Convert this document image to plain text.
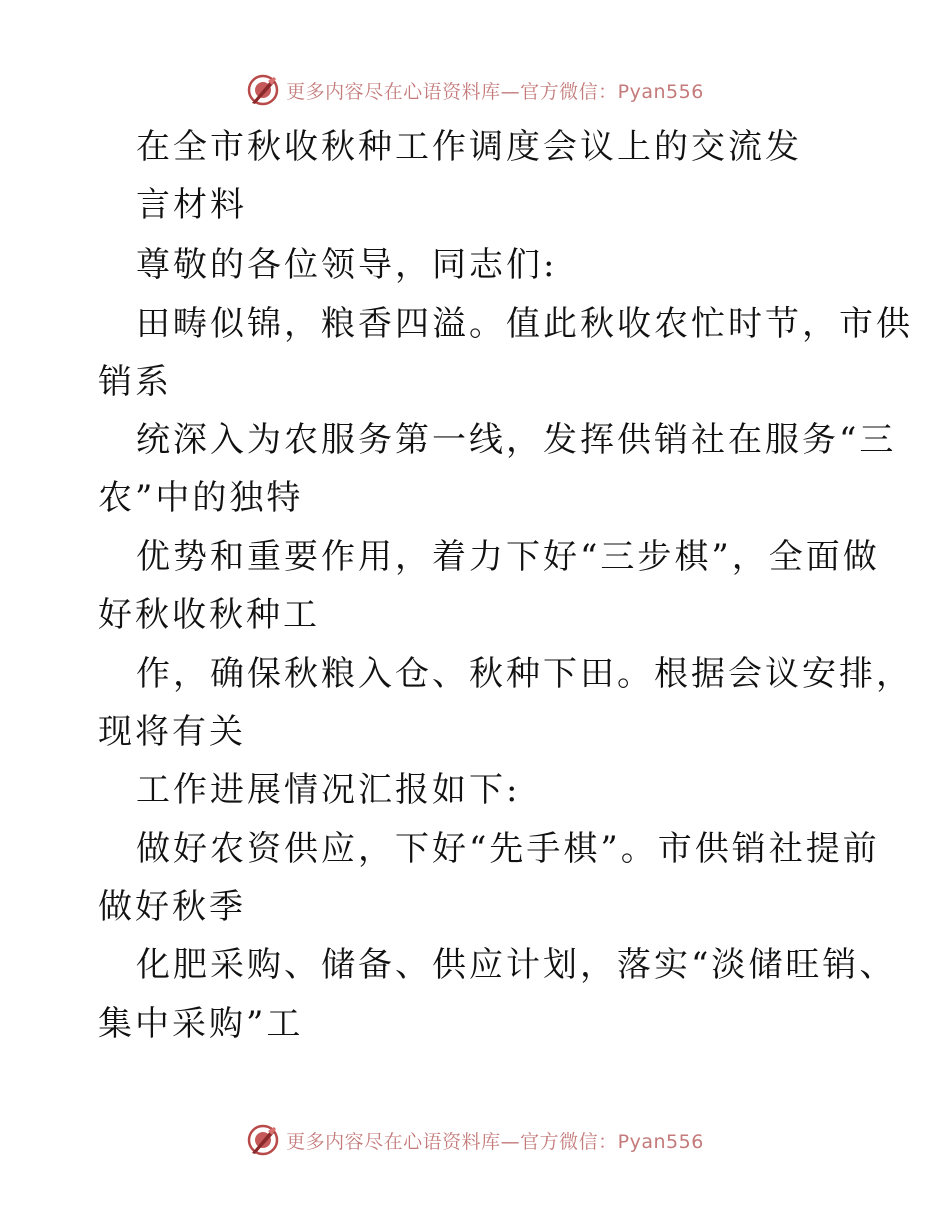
更多内容尽在心语资料库—官方微信：Pyan556
在全市秋收秋种工作调度会议上的交流发
言材料
尊敬的各位领导，同志们:
田畴似锦，粮香四溢。值此秋收农忙时节，市供
销系
统深入为农服务第一线，发挥供销社在服务“三
农”中的独特
优势和重要作用，着力下好“三步棋”，全面做
好秋收秋种工
作，确保秋粮入仓、秋种下田。根据会议安排，
现将有关
工作进展情况汇报如下:
做好农资供应，下好“先手棋”。市供销社提前
做好秋季
化肥采购、储备、供应计划，落实“淡储旺销、
集中采购”工
更多内容尽在心语资料库—官方微信：Pyan556
